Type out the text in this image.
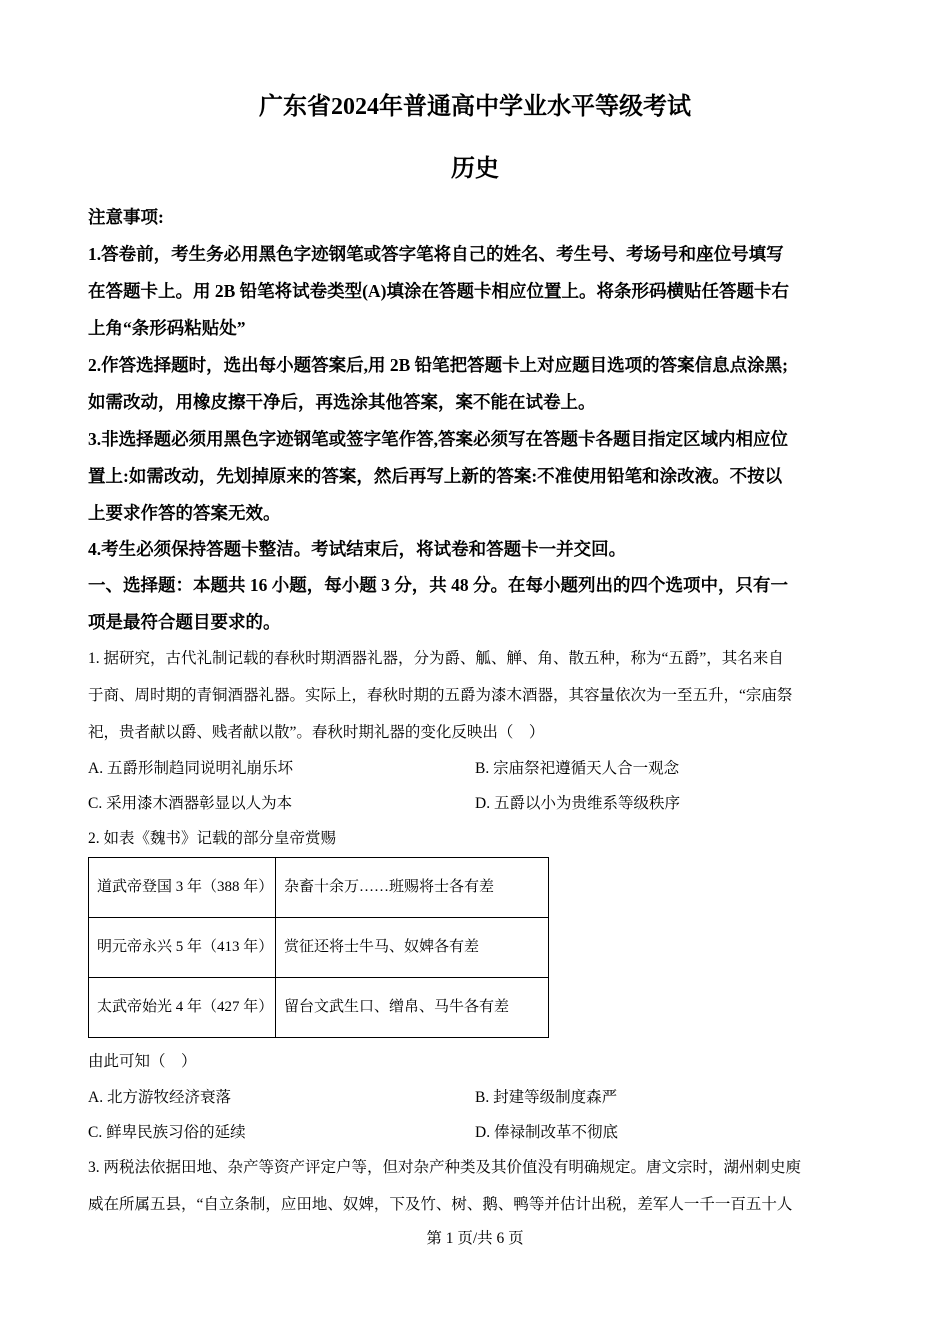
广东省2024年普通高中学业水平等级考试
历史
注意事项:
1.答卷前，考生务必用黑色字迹钢笔或答字笔将自己的姓名、考生号、考场号和座位号填写
在答题卡上。用 2B 铅笔将试卷类型(A)填涂在答题卡相应位置上。将条形码横贴任答题卡右
上角“条形码粘贴处”
2.作答选择题时，选出每小题答案后,用 2B 铅笔把答题卡上对应题目选项的答案信息点涂黑;
如需改动，用橡皮擦干净后，再选涂其他答案，案不能在试卷上。
3.非选择题必须用黑色字迹钢笔或签字笔作答,答案必须写在答题卡各题目指定区域内相应位
置上:如需改动，先划掉原来的答案，然后再写上新的答案:不准使用铅笔和涂改液。不按以
上要求作答的答案无效。
4.考生必须保持答题卡整洁。考试结束后，将试卷和答题卡一并交回。
一、选择题：本题共 16 小题，每小题 3 分，共 48 分。在每小题列出的四个选项中，只有一
项是最符合题目要求的。
1. 据研究，古代礼制记载的春秋时期酒器礼器，分为爵、觚、觯、角、散五种，称为“五爵”，其名来自
于商、周时期的青铜酒器礼器。实际上，春秋时期的五爵为漆木酒器，其容量依次为一至五升，“宗庙祭
祀，贵者献以爵、贱者献以散”。春秋时期礼器的变化反映出（　）
A. 五爵形制趋同说明礼崩乐坏	B. 宗庙祭祀遵循天人合一观念
C. 采用漆木酒器彰显以人为本	D. 五爵以小为贵维系等级秩序
2. 如表《魏书》记载的部分皇帝赏赐
道武帝登国 3 年（388 年）	杂畜十余万……班赐将士各有差
明元帝永兴 5 年（413 年）	赏征还将士牛马、奴婢各有差
太武帝始光 4 年（427 年）	留台文武生口、缯帛、马牛各有差
由此可知（　）
A. 北方游牧经济衰落	B. 封建等级制度森严
C. 鲜卑民族习俗的延续	D. 俸禄制改革不彻底
3. 两税法依据田地、杂产等资产评定户等，但对杂产种类及其价值没有明确规定。唐文宗时，湖州刺史庾
威在所属五县，“自立条制，应田地、奴婢，下及竹、树、鹅、鸭等并估计出税，差军人一千一百五十人
第 1 页/共 6 页
